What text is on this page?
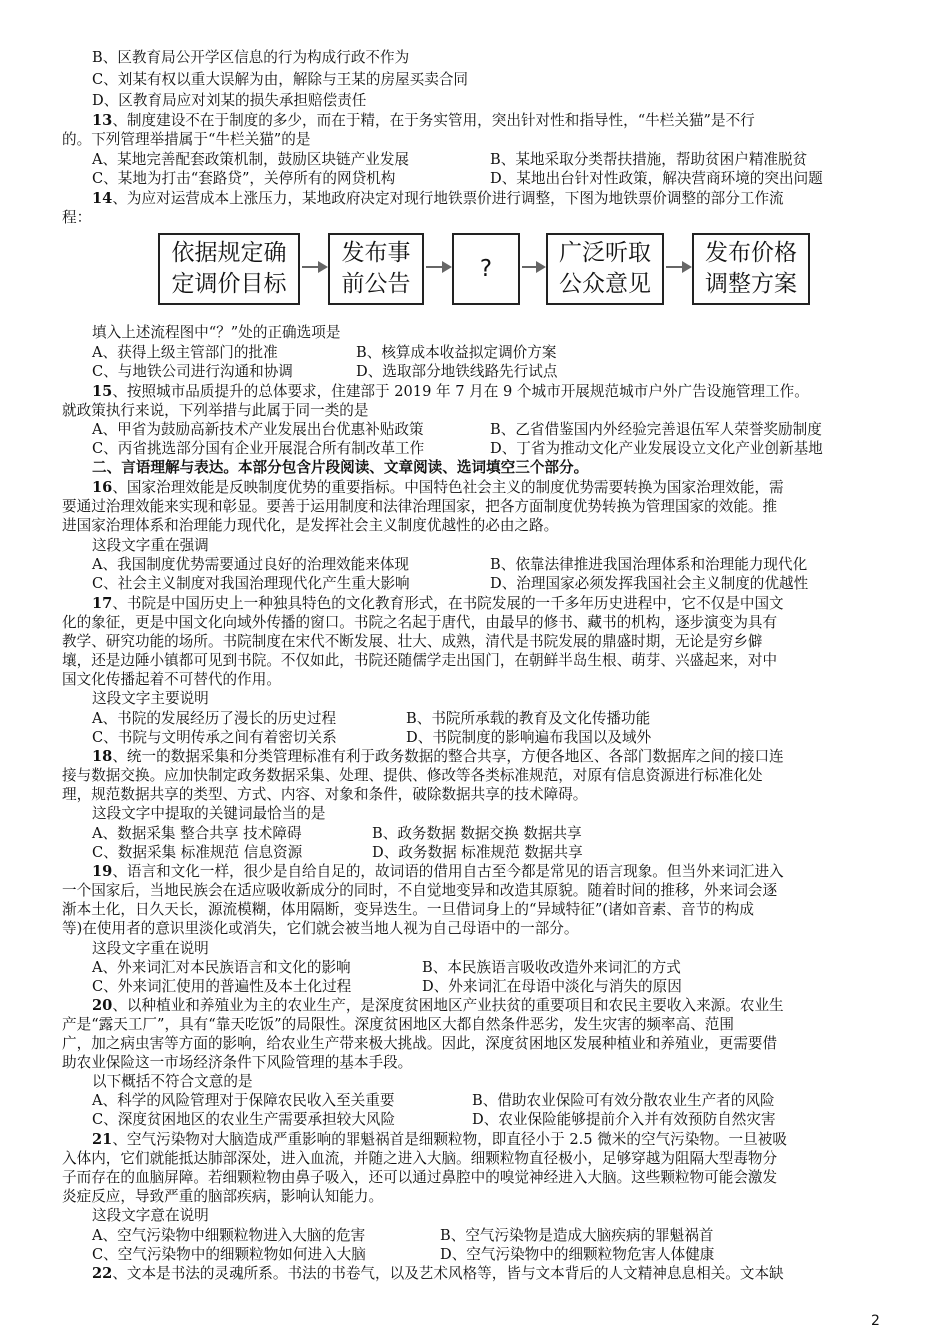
B、区教育局公开学区信息的行为构成行政不作为
C、刘某有权以重大误解为由，解除与王某的房屋买卖合同
D、区教育局应对刘某的损失承担赔偿责任
13、制度建设不在于制度的多少，而在于精，在于务实管用，突出针对性和指导性，“牛栏关猫”是不行
的。下列管理举措属于“牛栏关猫”的是
A、某地完善配套政策机制，鼓励区块链产业发展	B、某地采取分类帮扶措施，帮助贫困户精准脱贫
C、某地为打击“套路贷”，关停所有的网贷机构	D、某地出台针对性政策，解决营商环境的突出问题
14、为应对运营成本上涨压力，某地政府决定对现行地铁票价进行调整，下图为地铁票价调整的部分工作流
程：
依据规定确
定调价目标
发布事
前公告
?
广泛听取
公众意见
发布价格
调整方案
填入上述流程图中“？”处的正确选项是
A、获得上级主管部门的批准	B、核算成本收益拟定调价方案
C、与地铁公司进行沟通和协调	D、选取部分地铁线路先行试点
15、按照城市品质提升的总体要求，住建部于 2019 年 7 月在 9 个城市开展规范城市户外广告设施管理工作。
就政策执行来说，下列举措与此属于同一类的是
A、甲省为鼓励高新技术产业发展出台优惠补贴政策	B、乙省借鉴国内外经验完善退伍军人荣誉奖励制度
C、丙省挑选部分国有企业开展混合所有制改革工作	D、丁省为推动文化产业发展设立文化产业创新基地
二、言语理解与表达。本部分包含片段阅读、文章阅读、选词填空三个部分。
16、国家治理效能是反映制度优势的重要指标。中国特色社会主义的制度优势需要转换为国家治理效能，需
要通过治理效能来实现和彰显。要善于运用制度和法律治理国家，把各方面制度优势转换为管理国家的效能。推
进国家治理体系和治理能力现代化，是发挥社会主义制度优越性的必由之路。
这段文字重在强调
A、我国制度优势需要通过良好的治理效能来体现	B、依靠法律推进我国治理体系和治理能力现代化
C、社会主义制度对我国治理现代化产生重大影响	D、治理国家必须发挥我国社会主义制度的优越性
17、书院是中国历史上一种独具特色的文化教育形式，在书院发展的一千多年历史进程中，它不仅是中国文
化的象征，更是中国文化向域外传播的窗口。书院之名起于唐代，由最早的修书、藏书的机构，逐步演变为具有
教学、研究功能的场所。书院制度在宋代不断发展、壮大、成熟，清代是书院发展的鼎盛时期，无论是穷乡僻
壤，还是边陲小镇都可见到书院。不仅如此，书院还随儒学走出国门，在朝鲜半岛生根、萌芽、兴盛起来，对中
国文化传播起着不可替代的作用。
这段文字主要说明
A、书院的发展经历了漫长的历史过程	B、书院所承载的教育及文化传播功能
C、书院与文明传承之间有着密切关系	D、书院制度的影响遍布我国以及域外
18、统一的数据采集和分类管理标准有利于政务数据的整合共享，方便各地区、各部门数据库之间的接口连
接与数据交换。应加快制定政务数据采集、处理、提供、修改等各类标准规范，对原有信息资源进行标准化处
理，规范数据共享的类型、方式、内容、对象和条件，破除数据共享的技术障碍。
这段文字中提取的关键词最恰当的是
A、数据采集 整合共享 技术障碍	B、政务数据 数据交换 数据共享
C、数据采集 标准规范 信息资源	D、政务数据 标准规范 数据共享
19、语言和文化一样，很少是自给自足的，故词语的借用自古至今都是常见的语言现象。但当外来词汇进入
一个国家后，当地民族会在适应吸收新成分的同时，不自觉地变异和改造其原貌。随着时间的推移，外来词会逐
渐本土化，日久天长，源流模糊，体用隔断，变异迭生。一旦借词身上的“异域特征”(诸如音素、音节的构成
等)在使用者的意识里淡化或消失，它们就会被当地人视为自己母语中的一部分。
这段文字重在说明
A、外来词汇对本民族语言和文化的影响	B、本民族语言吸收改造外来词汇的方式
C、外来词汇使用的普遍性及本土化过程	D、外来词汇在母语中淡化与消失的原因
20、以种植业和养殖业为主的农业生产，是深度贫困地区产业扶贫的重要项目和农民主要收入来源。农业生
产是“露天工厂”，具有“靠天吃饭”的局限性。深度贫困地区大都自然条件恶劣，发生灾害的频率高、范围
广，加之病虫害等方面的影响，给农业生产带来极大挑战。因此，深度贫困地区发展种植业和养殖业，更需要借
助农业保险这一市场经济条件下风险管理的基本手段。
以下概括不符合文意的是
A、科学的风险管理对于保障农民收入至关重要	B、借助农业保险可有效分散农业生产者的风险
C、深度贫困地区的农业生产需要承担较大风险	D、农业保险能够提前介入并有效预防自然灾害
21、空气污染物对大脑造成严重影响的罪魁祸首是细颗粒物，即直径小于 2.5 微米的空气污染物。一旦被吸
入体内，它们就能抵达肺部深处，进入血流，并随之进入大脑。细颗粒物直径极小，足够穿越为阻隔大型毒物分
子而存在的血脑屏障。若细颗粒物由鼻子吸入，还可以通过鼻腔中的嗅觉神经进入大脑。这些颗粒物可能会激发
炎症反应，导致严重的脑部疾病，影响认知能力。
这段文字意在说明
A、空气污染物中细颗粒物进入大脑的危害	B、空气污染物是造成大脑疾病的罪魁祸首
C、空气污染物中的细颗粒物如何进入大脑	D、空气污染物中的细颗粒物危害人体健康
22、文本是书法的灵魂所系。书法的书卷气，以及艺术风格等，皆与文本背后的人文精神息息相关。文本缺
2
